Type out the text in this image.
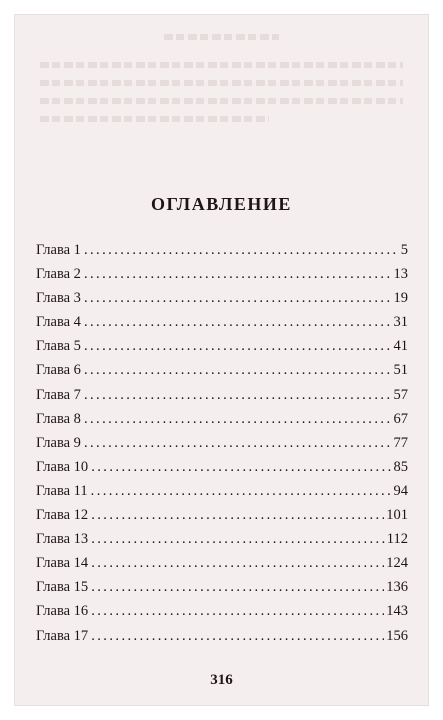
ОГЛАВЛЕНИЕ
Глава 1 . . .	5
Глава 2 . . .	13
Глава 3 . . .	19
Глава 4 . . .	31
Глава 5 . . .	41
Глава 6 . . .	51
Глава 7 . . .	57
Глава 8 . . .	67
Глава 9 . . .	77
Глава 10 . . .	85
Глава 11 . . .	94
Глава 12 . . .	101
Глава 13 . . .	112
Глава 14 . . .	124
Глава 15 . . .	136
Глава 16 . . .	143
Глава 17 . . .	156
316
